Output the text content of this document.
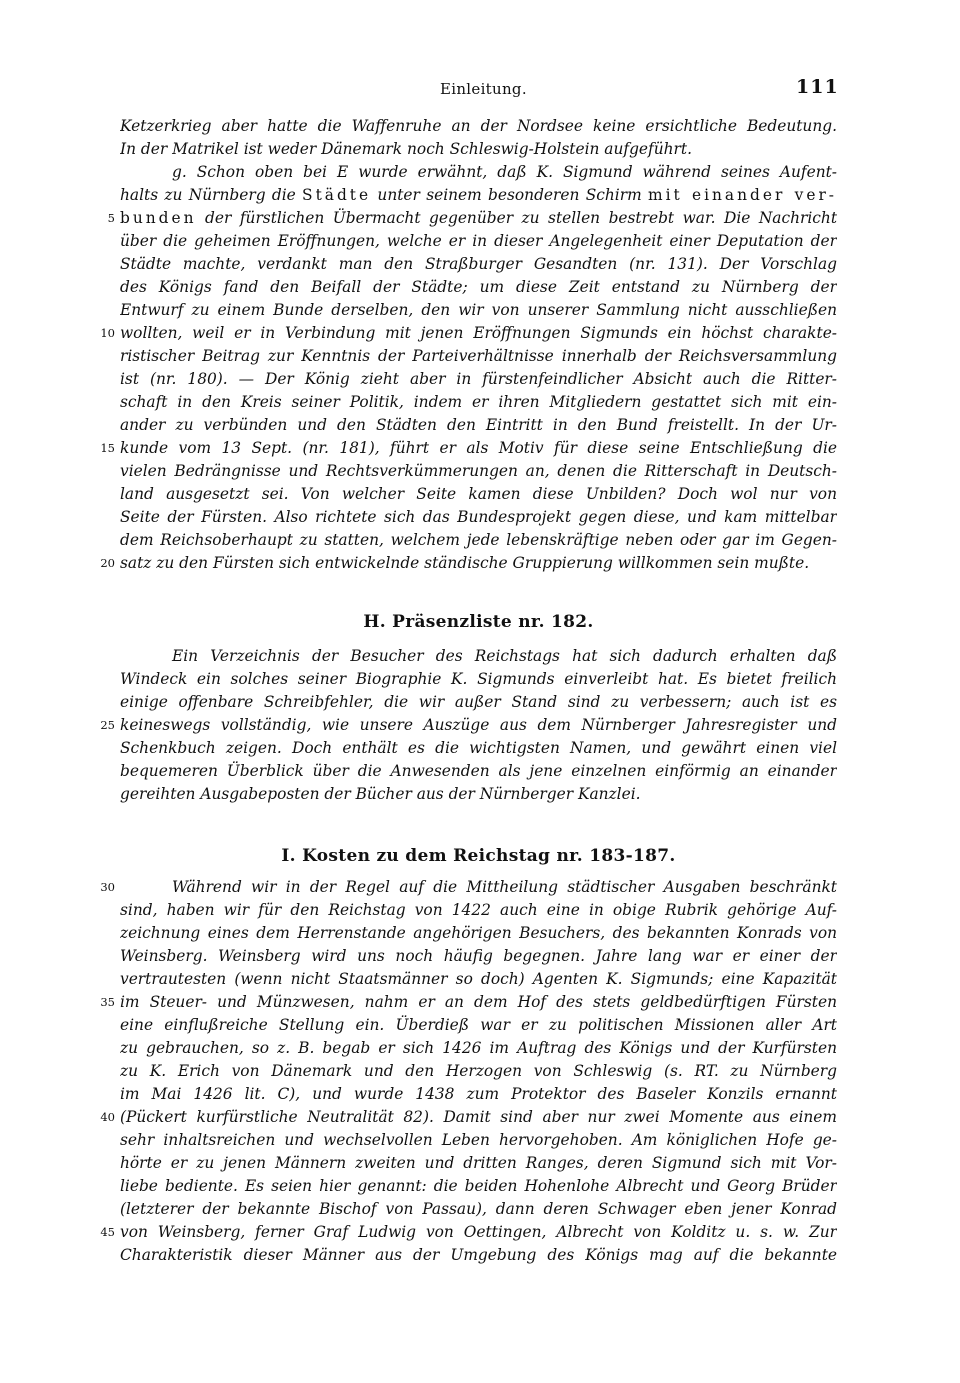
Einleitung.	111
Ketzerkrieg aber hatte die Waffenruhe an der Nordsee keine ersichtliche Bedeutung.
In der Matrikel ist weder Dänemark noch Schleswig-Holstein aufgeführt.
g. Schon oben bei E wurde erwähnt, daß K. Sigmund während seines Aufent-
halts zu Nürnberg die Städte unter seinem besonderen Schirm mit einander ver-
bunden der fürstlichen Übermacht gegenüber zu stellen bestrebt war. Die Nachricht
über die geheimen Eröffnungen, welche er in dieser Angelegenheit einer Deputation der
Städte machte, verdankt man den Straßburger Gesandten (nr. 131). Der Vorschlag
des Königs fand den Beifall der Städte; um diese Zeit entstand zu Nürnberg der
Entwurf zu einem Bunde derselben, den wir von unserer Sammlung nicht ausschließen
wollten, weil er in Verbindung mit jenen Eröffnungen Sigmunds ein höchst charakte-
ristischer Beitrag zur Kenntnis der Parteiverhältnisse innerhalb der Reichsversammlung
ist (nr. 180). — Der König zieht aber in fürstenfeindlicher Absicht auch die Ritter-
schaft in den Kreis seiner Politik, indem er ihren Mitgliedern gestattet sich mit ein-
ander zu verbünden und den Städten den Eintritt in den Bund freistellt. In der Ur-
kunde vom 13 Sept. (nr. 181), führt er als Motiv für diese seine Entschließung die
vielen Bedrängnisse und Rechtsverkümmerungen an, denen die Ritterschaft in Deutsch-
land ausgesetzt sei. Von welcher Seite kamen diese Unbilden? Doch wol nur von
Seite der Fürsten. Also richtete sich das Bundesprojekt gegen diese, und kam mittelbar
dem Reichsoberhaupt zu statten, welchem jede lebenskräftige neben oder gar im Gegen-
satz zu den Fürsten sich entwickelnde ständische Gruppierung willkommen sein mußte.
H. Präsenzliste nr. 182.
Ein Verzeichnis der Besucher des Reichstags hat sich dadurch erhalten daß
Windeck ein solches seiner Biographie K. Sigmunds einverleibt hat. Es bietet freilich
einige offenbare Schreibfehler, die wir außer Stand sind zu verbessern; auch ist es
keineswegs vollständig, wie unsere Auszüge aus dem Nürnberger Jahresregister und
Schenkbuch zeigen. Doch enthält es die wichtigsten Namen, und gewährt einen viel
bequemeren Überblick über die Anwesenden als jene einzelnen einförmig an einander
gereihten Ausgabeposten der Bücher aus der Nürnberger Kanzlei.
I. Kosten zu dem Reichstag nr. 183-187.
Während wir in der Regel auf die Mittheilung städtischer Ausgaben beschränkt
sind, haben wir für den Reichstag von 1422 auch eine in obige Rubrik gehörige Auf-
zeichnung eines dem Herrenstande angehörigen Besuchers, des bekannten Konrads von
Weinsberg. Weinsberg wird uns noch häufig begegnen. Jahre lang war er einer der
vertrautesten (wenn nicht Staatsmänner so doch) Agenten K. Sigmunds; eine Kapazität
im Steuer- und Münzwesen, nahm er an dem Hof des stets geldbedürftigen Fürsten
eine einflußreiche Stellung ein. Überdieß war er zu politischen Missionen aller Art
zu gebrauchen, so z. B. begab er sich 1426 im Auftrag des Königs und der Kurfürsten
zu K. Erich von Dänemark und den Herzogen von Schleswig (s. RT. zu Nürnberg
im Mai 1426 lit. C), und wurde 1438 zum Protektor des Baseler Konzils ernannt
(Pückert kurfürstliche Neutralität 82). Damit sind aber nur zwei Momente aus einem
sehr inhaltsreichen und wechselvollen Leben hervorgehoben. Am königlichen Hofe ge-
hörte er zu jenen Männern zweiten und dritten Ranges, deren Sigmund sich mit Vor-
liebe bediente. Es seien hier genannt: die beiden Hohenlohe Albrecht und Georg Brüder
(letzterer der bekannte Bischof von Passau), dann deren Schwager eben jener Konrad
von Weinsberg, ferner Graf Ludwig von Oettingen, Albrecht von Kolditz u. s. w. Zur
Charakteristik dieser Männer aus der Umgebung des Königs mag auf die bekannte
5
10
15
20
25
30
35
40
45
